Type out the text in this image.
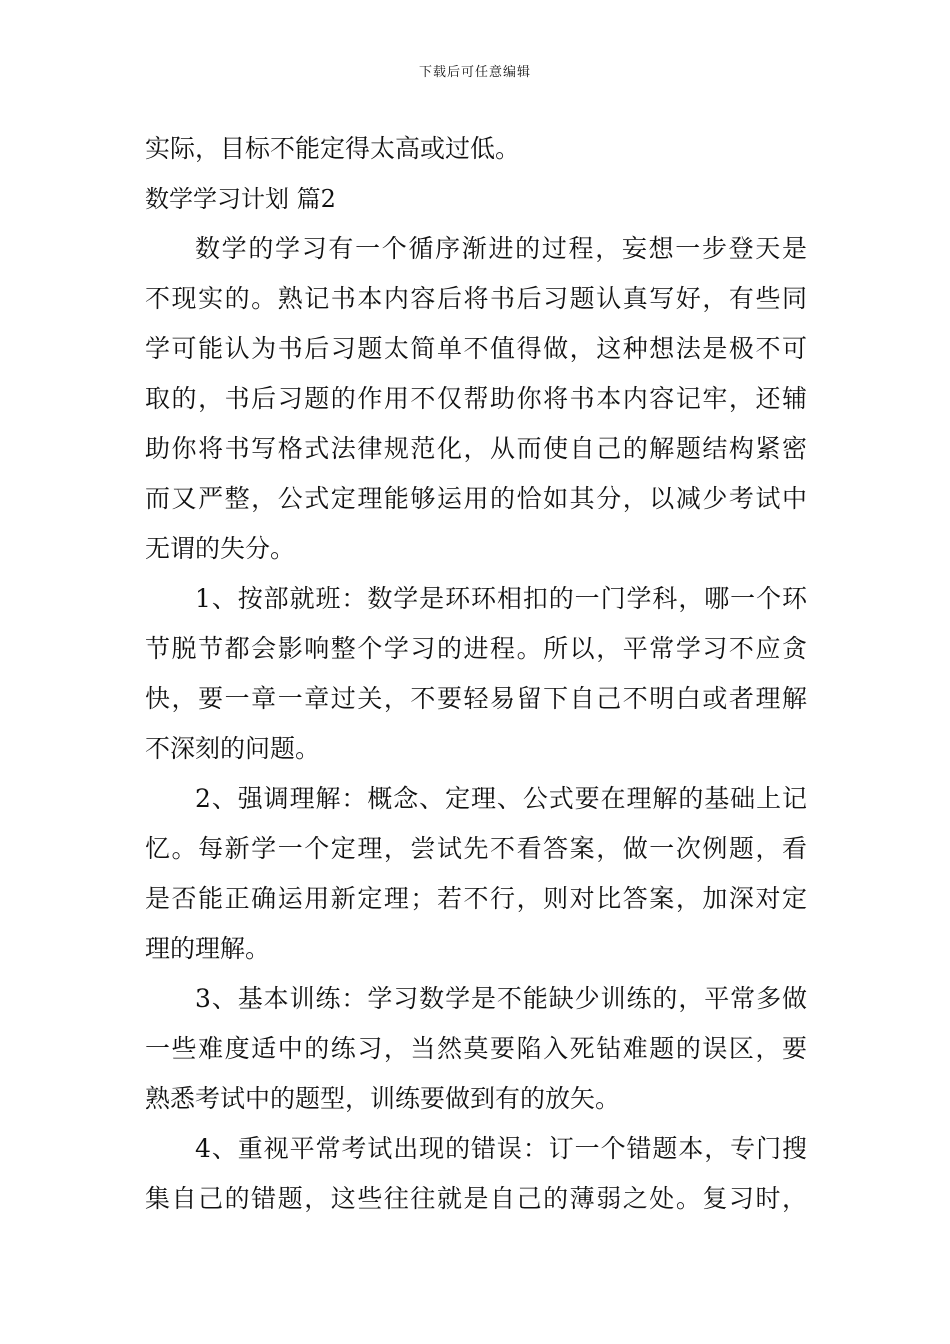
下载后可任意编辑
实际，目标不能定得太高或过低。
数学学习计划 篇2
数学的学习有一个循序渐进的过程，妄想一步登天是
不现实的。熟记书本内容后将书后习题认真写好，有些同
学可能认为书后习题太简单不值得做，这种想法是极不可
取的，书后习题的作用不仅帮助你将书本内容记牢，还辅
助你将书写格式法律规范化，从而使自己的解题结构紧密
而又严整，公式定理能够运用的恰如其分，以减少考试中
无谓的失分。
1、按部就班：数学是环环相扣的一门学科，哪一个环
节脱节都会影响整个学习的进程。所以，平常学习不应贪
快，要一章一章过关，不要轻易留下自己不明白或者理解
不深刻的问题。
2、强调理解：概念、定理、公式要在理解的基础上记
忆。每新学一个定理，尝试先不看答案，做一次例题，看
是否能正确运用新定理；若不行，则对比答案，加深对定
理的理解。
3、基本训练：学习数学是不能缺少训练的，平常多做
一些难度适中的练习，当然莫要陷入死钻难题的误区，要
熟悉考试中的题型，训练要做到有的放矢。
4、重视平常考试出现的错误：订一个错题本，专门搜
集自己的错题，这些往往就是自己的薄弱之处。复习时，
